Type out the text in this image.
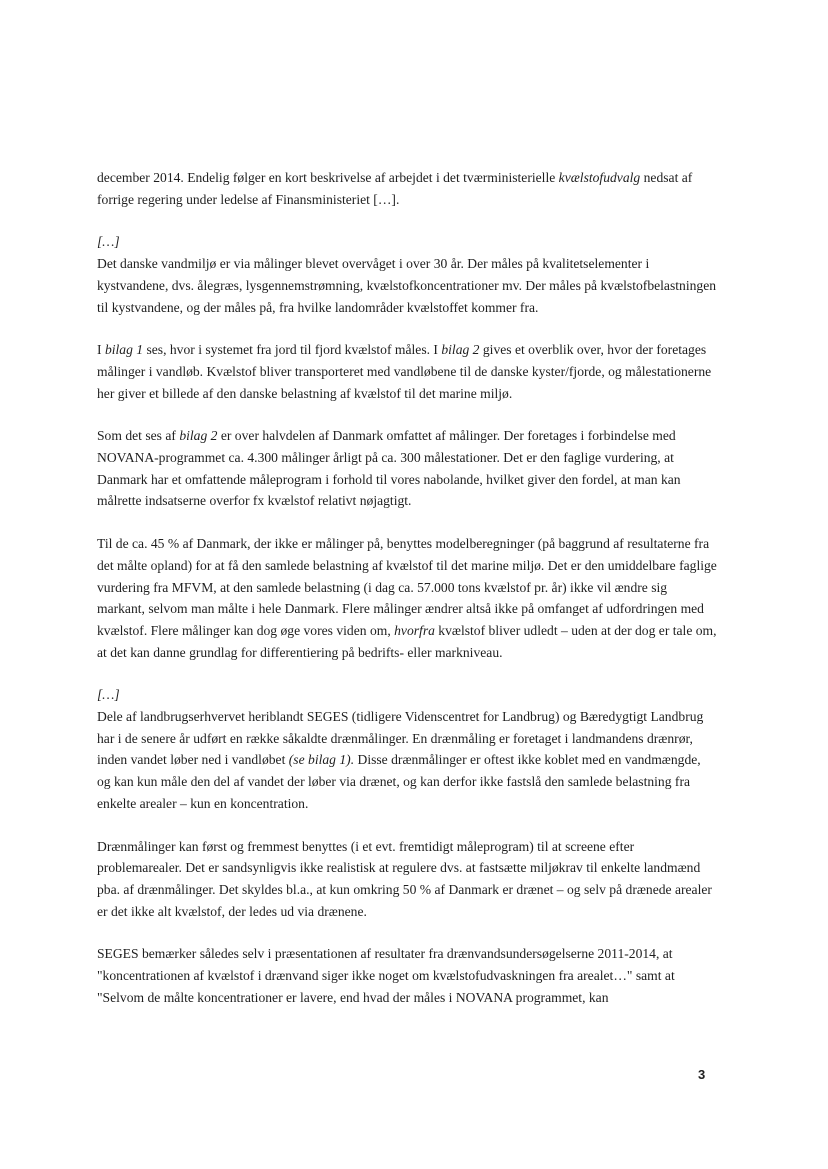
december 2014. Endelig følger en kort beskrivelse af arbejdet i det tværministerielle kvælstofudvalg nedsat af forrige regering under ledelse af Finansministeriet […].

[…]
Det danske vandmiljø er via målinger blevet overvåget i over 30 år. Der måles på kvalitetselementer i kystvandene, dvs. ålegræs, lysgennemstrømning, kvælstofkoncentrationer mv. Der måles på kvælstofbelastningen til kystvandene, og der måles på, fra hvilke landområder kvælstoffet kommer fra.

I bilag 1 ses, hvor i systemet fra jord til fjord kvælstof måles. I bilag 2 gives et overblik over, hvor der foretages målinger i vandløb. Kvælstof bliver transporteret med vandløbene til de danske kyster/fjorde, og målestationerne her giver et billede af den danske belastning af kvælstof til det marine miljø.

Som det ses af bilag 2 er over halvdelen af Danmark omfattet af målinger. Der foretages i forbindelse med NOVANA-programmet ca. 4.300 målinger årligt på ca. 300 målestationer. Det er den faglige vurdering, at Danmark har et omfattende måleprogram i forhold til vores nabolande, hvilket giver den fordel, at man kan målrette indsatserne overfor fx kvælstof relativt nøjagtigt.

Til de ca. 45 % af Danmark, der ikke er målinger på, benyttes modelberegninger (på baggrund af resultaterne fra det målte opland) for at få den samlede belastning af kvælstof til det marine miljø. Det er den umiddelbare faglige vurdering fra MFVM, at den samlede belastning (i dag ca. 57.000 tons kvælstof pr. år) ikke vil ændre sig markant, selvom man målte i hele Danmark. Flere målinger ændrer altså ikke på omfanget af udfordringen med kvælstof. Flere målinger kan dog øge vores viden om, hvorfra kvælstof bliver udledt – uden at der dog er tale om, at det kan danne grundlag for differentiering på bedrifts- eller markniveau.

[…]
Dele af landbrugserhvervet heriblandt SEGES (tidligere Videnscentret for Landbrug) og Bæredygtigt Landbrug har i de senere år udført en række såkaldte drænmålinger. En drænmåling er foretaget i landmandens drænrør, inden vandet løber ned i vandløbet (se bilag 1). Disse drænmålinger er oftest ikke koblet med en vandmængde, og kan kun måle den del af vandet der løber via drænet, og kan derfor ikke fastslå den samlede belastning fra enkelte arealer – kun en koncentration.

Drænmålinger kan først og fremmest benyttes (i et evt. fremtidigt måleprogram) til at screene efter problemarealer. Det er sandsynligvis ikke realistisk at regulere dvs. at fastsætte miljøkrav til enkelte landmænd pba. af drænmålinger. Det skyldes bl.a., at kun omkring 50 % af Danmark er drænet – og selv på drænede arealer er det ikke alt kvælstof, der ledes ud via drænene.

SEGES bemærker således selv i præsentationen af resultater fra drænvandsundersøgelserne 2011-2014, at "koncentrationen af kvælstof i drænvand siger ikke noget om kvælstofudvaskningen fra arealet…" samt at "Selvom de målte koncentrationer er lavere, end hvad der måles i NOVANA programmet, kan

3
